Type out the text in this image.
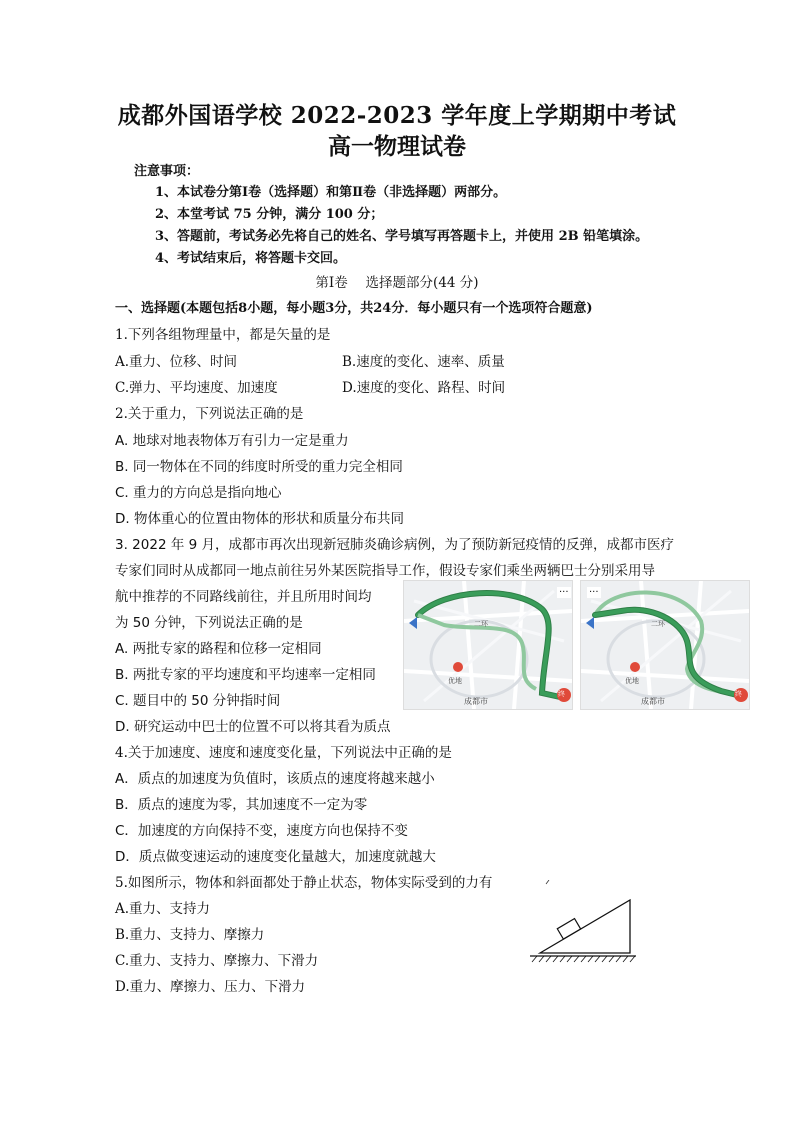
成都外国语学校 2022-2023 学年度上学期期中考试
高一物理试卷
注意事项：
1、本试卷分第Ⅰ卷（选择题）和第Ⅱ卷（非选择题）两部分。
2、本堂考试 75 分钟，满分 100 分；
3、答题前，考试务必先将自己的姓名、学号填写再答题卡上，并使用 2B 铅笔填涂。
4、考试结束后，将答题卡交回。
第Ⅰ卷　 选择题部分(44 分)
一、选择题(本题包括8小题，每小题3分，共24分．每小题只有一个选项符合题意)
1.下列各组物理量中，都是矢量的是
A.重力、位移、时间	B.速度的变化、速率、质量
C.弹力、平均速度、加速度	D.速度的变化、路程、时间
2.关于重力，下列说法正确的是
A. 地球对地表物体万有引力一定是重力
B. 同一物体在不同的纬度时所受的重力完全相同
C. 重力的方向总是指向地心
D. 物体重心的位置由物体的形状和质量分布共同
3. 2022 年 9 月，成都市再次出现新冠肺炎确诊病例，为了预防新冠疫情的反弹，成都市医疗
专家们同时从成都同一地点前往另外某医院指导工作，假设专家们乘坐两辆巴士分别采用导
航中推荐的不同路线前往，并且所用时间均
为 50 分钟，下列说法正确的是
A. 两批专家的路程和位移一定相同
B. 两批专家的平均速度和平均速率一定相同
C. 题目中的 50 分钟指时间
D. 研究运动中巴士的位置不可以将其看为质点
···
二环
优地
成都市
终
···
二环
优地
成都市
终
4.关于加速度、速度和速度变化量，下列说法中正确的是
A．质点的加速度为负值时，该质点的速度将越来越小
B．质点的速度为零，其加速度不一定为零
C．加速度的方向保持不变，速度方向也保持不变
D．质点做变速运动的速度变化量越大，加速度就越大
5.如图所示，物体和斜面都处于静止状态，物体实际受到的力有
A.重力、支持力
B.重力、支持力、摩擦力
C.重力、支持力、摩擦力、下滑力
D.重力、摩擦力、压力、下滑力
